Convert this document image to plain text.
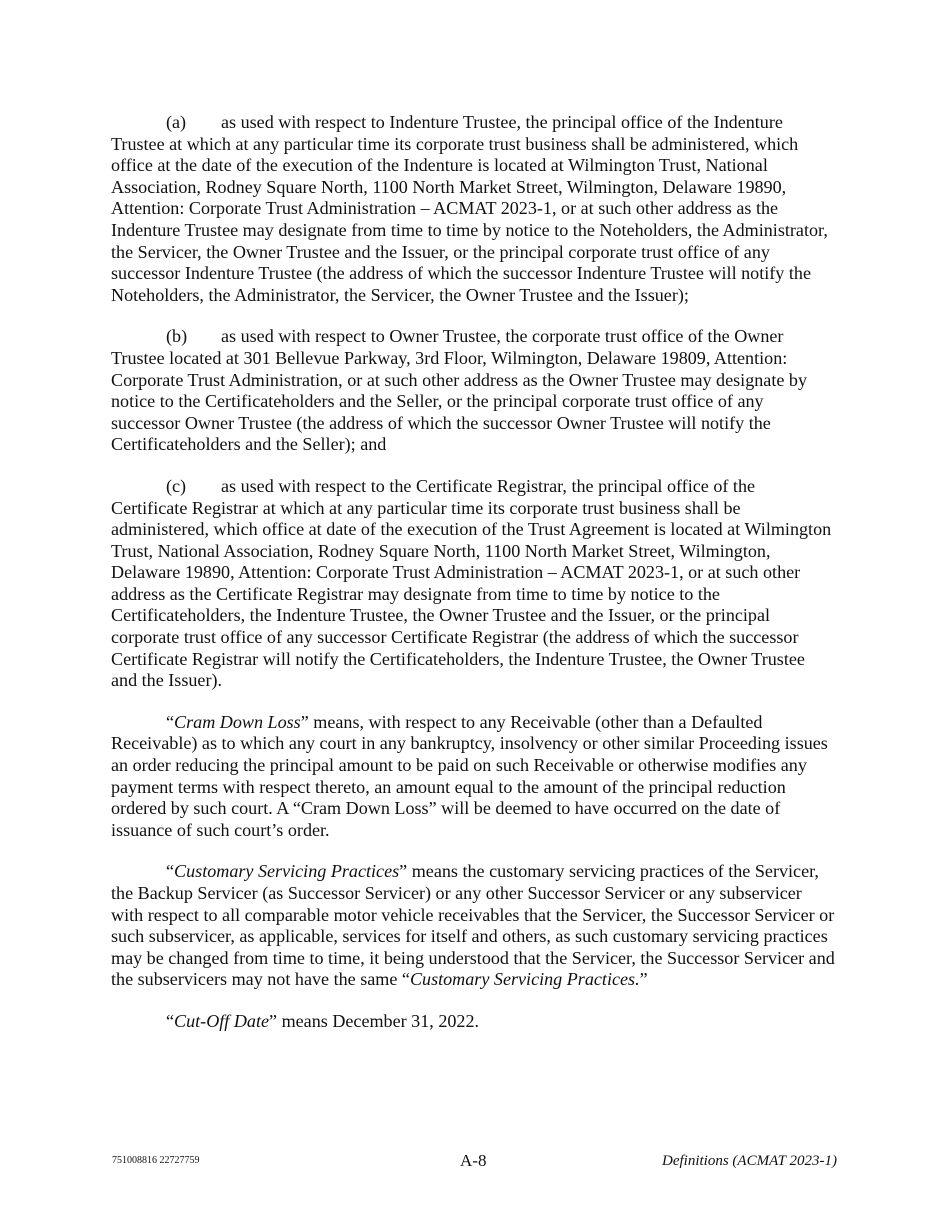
(a) as used with respect to Indenture Trustee, the principal office of the Indenture Trustee at which at any particular time its corporate trust business shall be administered, which office at the date of the execution of the Indenture is located at Wilmington Trust, National Association, Rodney Square North, 1100 North Market Street, Wilmington, Delaware 19890, Attention: Corporate Trust Administration – ACMAT 2023-1, or at such other address as the Indenture Trustee may designate from time to time by notice to the Noteholders, the Administrator, the Servicer, the Owner Trustee and the Issuer, or the principal corporate trust office of any successor Indenture Trustee (the address of which the successor Indenture Trustee will notify the Noteholders, the Administrator, the Servicer, the Owner Trustee and the Issuer);

(b) as used with respect to Owner Trustee, the corporate trust office of the Owner Trustee located at 301 Bellevue Parkway, 3rd Floor, Wilmington, Delaware 19809, Attention: Corporate Trust Administration, or at such other address as the Owner Trustee may designate by notice to the Certificateholders and the Seller, or the principal corporate trust office of any successor Owner Trustee (the address of which the successor Owner Trustee will notify the Certificateholders and the Seller); and

(c) as used with respect to the Certificate Registrar, the principal office of the Certificate Registrar at which at any particular time its corporate trust business shall be administered, which office at date of the execution of the Trust Agreement is located at Wilmington Trust, National Association, Rodney Square North, 1100 North Market Street, Wilmington, Delaware 19890, Attention: Corporate Trust Administration – ACMAT 2023-1, or at such other address as the Certificate Registrar may designate from time to time by notice to the Certificateholders, the Indenture Trustee, the Owner Trustee and the Issuer, or the principal corporate trust office of any successor Certificate Registrar (the address of which the successor Certificate Registrar will notify the Certificateholders, the Indenture Trustee, the Owner Trustee and the Issuer).

“Cram Down Loss” means, with respect to any Receivable (other than a Defaulted Receivable) as to which any court in any bankruptcy, insolvency or other similar Proceeding issues an order reducing the principal amount to be paid on such Receivable or otherwise modifies any payment terms with respect thereto, an amount equal to the amount of the principal reduction ordered by such court. A “Cram Down Loss” will be deemed to have occurred on the date of issuance of such court’s order.

“Customary Servicing Practices” means the customary servicing practices of the Servicer, the Backup Servicer (as Successor Servicer) or any other Successor Servicer or any subservicer with respect to all comparable motor vehicle receivables that the Servicer, the Successor Servicer or such subservicer, as applicable, services for itself and others, as such customary servicing practices may be changed from time to time, it being understood that the Servicer, the Successor Servicer and the subservicers may not have the same “Customary Servicing Practices.”

“Cut-Off Date” means December 31, 2022.

751008816 22727759	A-8	Definitions (ACMAT 2023-1)
